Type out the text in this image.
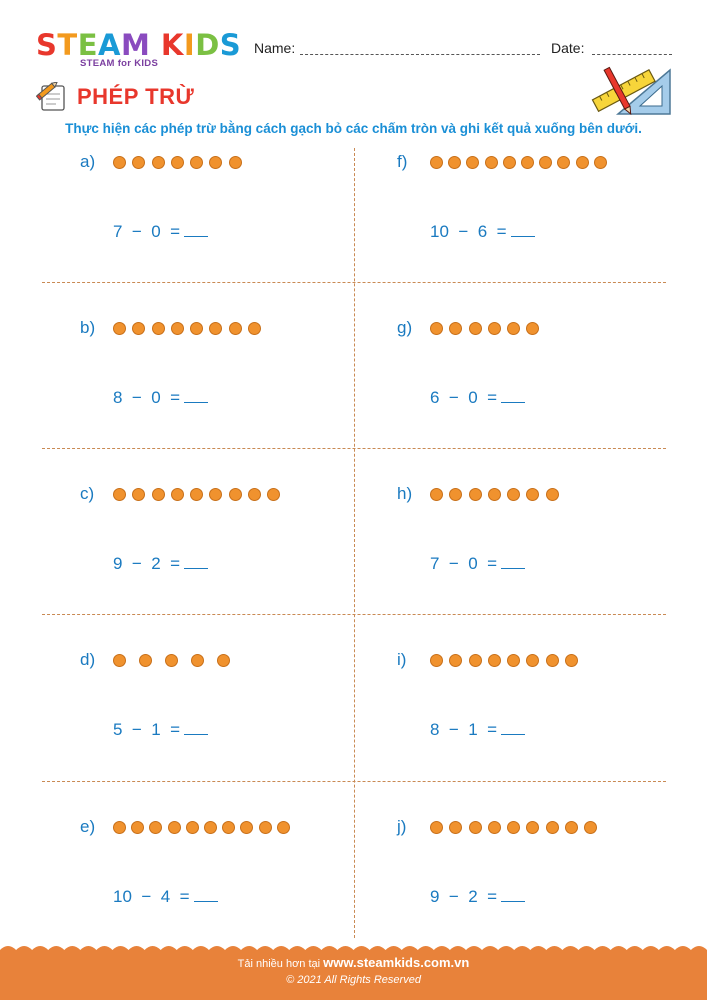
S T E A M
K I D S
STEAM for KIDS
Name:	Date:
PHÉP TRỪ
Thực hiện các phép trừ bằng cách gạch bỏ các chấm tròn và ghi kết quả xuống bên dưới.
a)
7  −  0  =
f)
10  −  6  =
b)
8  −  0  =
g)
6  −  0  =
c)
9  −  2  =
h)
7  −  0  =
d)
5  −  1  =
i)
8  −  1  =
e)
10  −  4  =
j)
9  −  2  =
Tải nhiều hơn tại www.steamkids.com.vn
© 2021 All Rights Reserved
